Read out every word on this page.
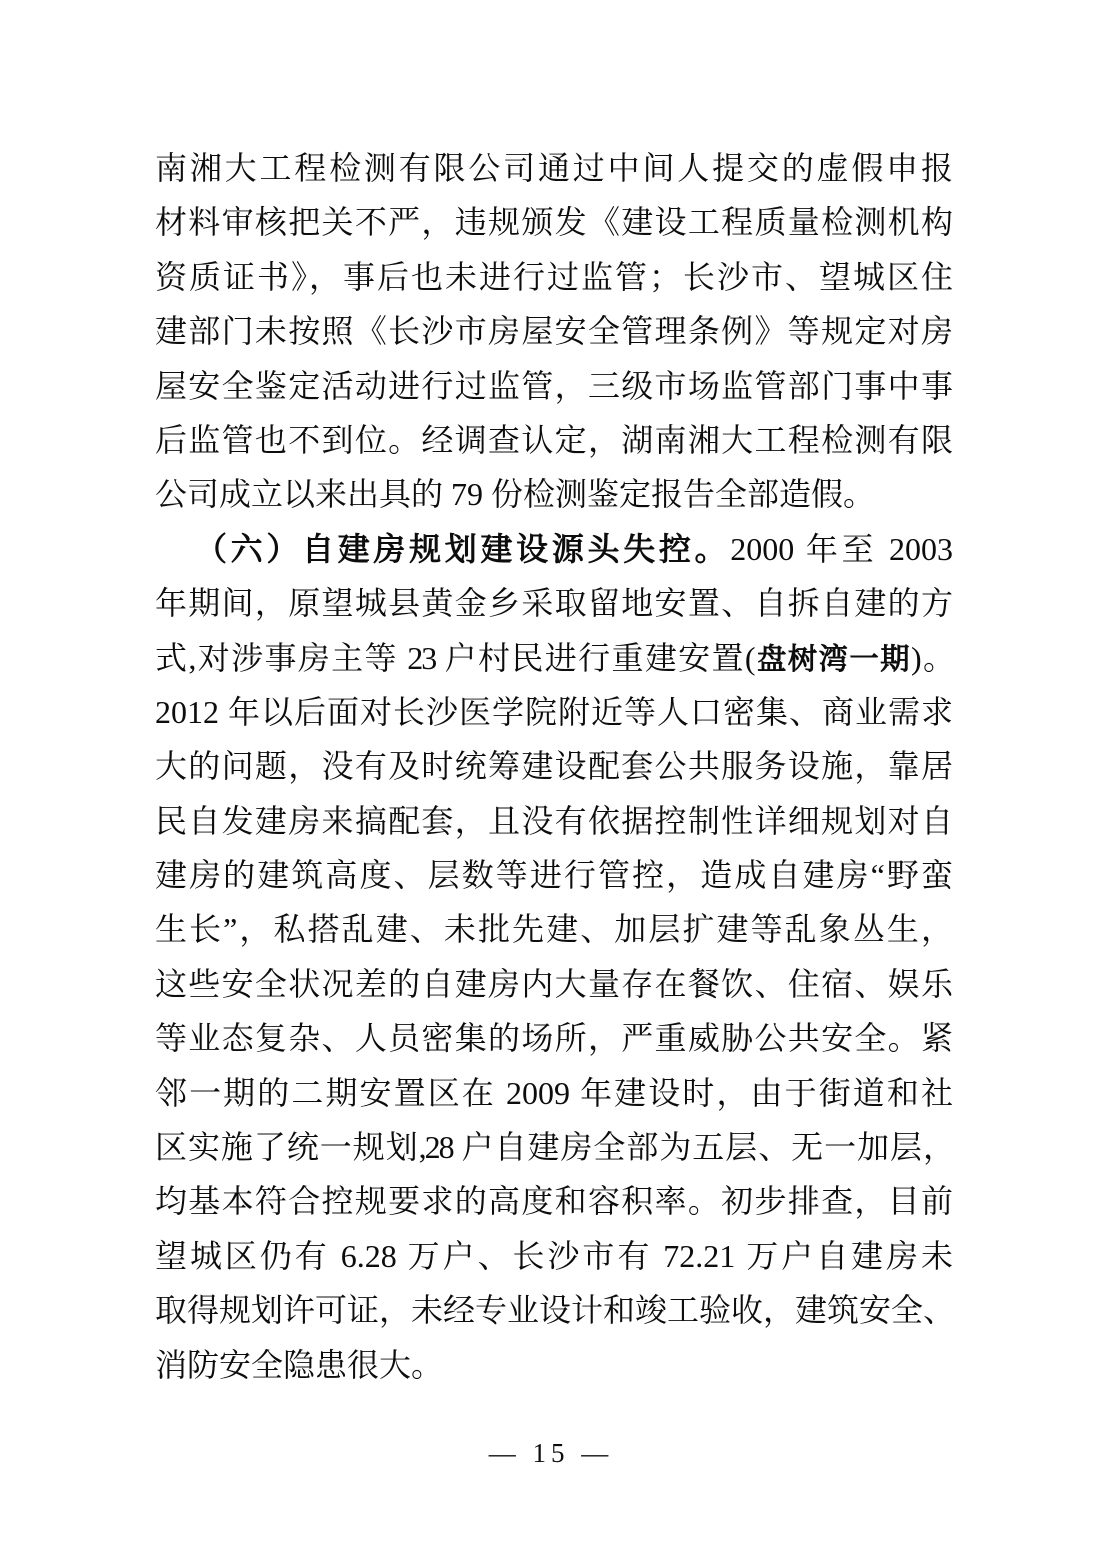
南湘大工程检测有限公司通过中间人提交的虚假申报
材料审核把关不严，违规颁发《建设工程质量检测机构
资质证书》，事后也未进行过监管；长沙市、望城区住
建部门未按照《长沙市房屋安全管理条例》等规定对房
屋安全鉴定活动进行过监管，三级市场监管部门事中事
后监管也不到位。经调查认定，湖南湘大工程检测有限
公司成立以来出具的 79 份检测鉴定报告全部造假。
（六）自建房规划建设源头失控。2000 年至 2003
年期间，原望城县黄金乡采取留地安置、自拆自建的方
式,对涉事房主等 23 户村民进行重建安置(盘树湾一期)。
2012 年以后面对长沙医学院附近等人口密集、商业需求
大的问题，没有及时统筹建设配套公共服务设施，靠居
民自发建房来搞配套，且没有依据控制性详细规划对自
建房的建筑高度、层数等进行管控，造成自建房“野蛮
生长”，私搭乱建、未批先建、加层扩建等乱象丛生，
这些安全状况差的自建房内大量存在餐饮、住宿、娱乐
等业态复杂、人员密集的场所，严重威胁公共安全。紧
邻一期的二期安置区在 2009 年建设时，由于街道和社
区实施了统一规划,28 户自建房全部为五层、无一加层，
均基本符合控规要求的高度和容积率。初步排查，目前
望城区仍有 6.28 万户、长沙市有 72.21 万户自建房未
取得规划许可证，未经专业设计和竣工验收，建筑安全、
消防安全隐患很大。
— 15 —
